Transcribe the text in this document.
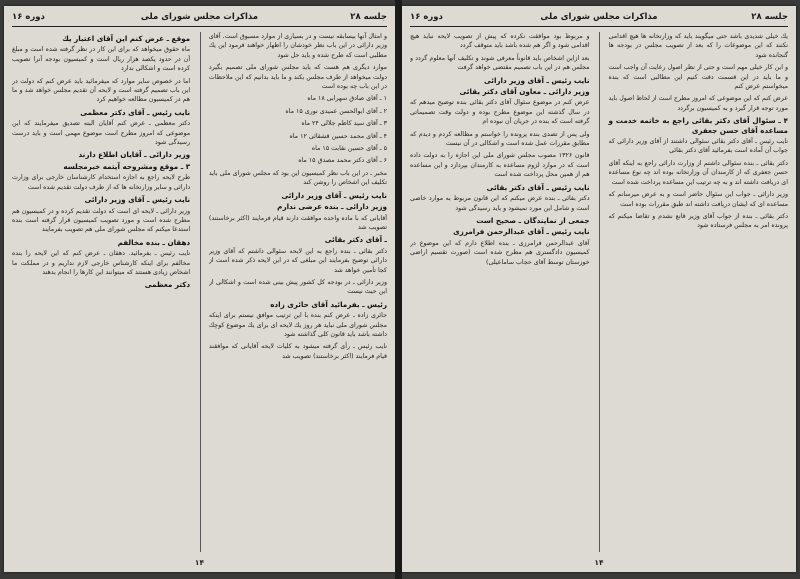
جلسه ۲۸
مذاكرات مجلس شوراى ملى
دوره ۱۶
و امثال آنها بيسابقه نيست و در بسيارى از موارد مسبوق است. آقاى وزير دارائى در اين باب نظر خودشان را اظهار خواهند فرمود اين يك مطلبى است كه طرح شده و بايد حل شود
موارد ديگرى هم هست كه بايد مجلس شوراى ملى تصميم بگيرد دولت ميخواهد از طرف مجلس بكند و ما بايد بدانيم كه اين ملاحظات در اين باب چه بوده است
۱ ـ آقاى صادق سهرابى ۱۸ ماه
۲ ـ آقاى ابوالحسن عميدى نورى ۱۵ ماه
۳ ـ آقاى سيد كاظم جلالى ۲۴ ماه
۴ ـ آقاى محمد حسين قشقائى ۱۲ ماه
۵ ـ آقاى حسين نقابت ۱۵ ماه
۶ ـ آقاى دكتر محمد مصدق ۱۵ ماه
مخبر ـ در اين باب نظر كميسيون اين بود كه مجلس شوراى ملى بايد تكليف اين اشخاص را روشن كند
نايب رئيس ـ آقاى وزير دارائى
وزير دارائى ـ بنده عرضى ندارم
آقايانى كه با ماده واحده موافقت دارند قيام فرمايند (اكثر برخاستند) تصويب شد
ـ آقاى دكتر بقائى
دكتر بقائى ـ بنده راجع به اين لايحه سئوالى داشتم كه آقاى وزير دارائى توضيح بفرمايند اين مبلغى كه در اين لايحه ذكر شده است از كجا تأمين خواهد شد
وزير دارائى ـ در بودجه كل كشور پيش بينى شده است و اشكالى از اين حيث نيست
رئيس ـ بفرمائيد آقاى حائرى زاده
حائرى زاده ـ عرض كنم بنده با اين ترتيب موافق نيستم براى اينكه مجلس شوراى ملى نبايد هر روز يك لايحه اى براى يك موضوع كوچك داشته باشد بايد قانون كلى گذاشته شود
نايب رئيس ـ رأى گرفته ميشود به كليات لايحه آقايانى كه موافقند قيام فرمايند (اكثر برخاستند) تصويب شد
موقع ـ عرض كنم اين آقاى اعتبار يك
ماه حقوق ميخواهد كه براى اين كار در نظر گرفته شده است و مبلغ آن در حدود يكصد هزار ريال است و كميسيون بودجه آنرا تصويب كرده است و اشكالى ندارد
اما در خصوص ساير موارد كه ميفرمائيد بايد عرض كنم كه دولت در اين باب تصميم گرفته است و لايحه آن تقديم مجلس خواهد شد و ما هم در كميسيون مطالعه خواهيم كرد
نايب رئيس ـ آقاى دكتر معظمى
دكتر معظمى ـ عرض كنم آقايان البته تصديق ميفرمايند كه اين موضوعى كه امروز مطرح است موضوع مهمى است و بايد درست رسيدگى شود
وزير دارائى ـ آقايان اطلاع دارند
۳ ـ موقع ومشروحه آيتمه خبرمجلسه
طرح لايحه راجع به اجازه استخدام كارشناسان خارجى براى وزارت دارائى و ساير وزارتخانه ها كه از طرف دولت تقديم شده است
نايب رئيس ـ آقاى وزير دارائى
وزير دارائى ـ لايحه اى است كه دولت تقديم كرده و در كميسيون هم مطرح شده است و مورد تصويب كميسيون قرار گرفته است بنده استدعا ميكنم كه مجلس شوراى ملى هم تصويب بفرمايند
دهقان ـ بنده مخالفم
نايب رئيس ـ بفرمائيد. دهقان ـ عرض كنم كه اين لايحه را بنده مخالفم براى اينكه كارشناس خارجى لازم نداريم و در مملكت ما اشخاص زيادى هستند كه ميتوانند اين كارها را انجام بدهند
دكتر معظمى
۱۴
جلسه ۲۸
مذاكرات مجلس شوراى ملى
دوره ۱۶
يك خيلى شديدى باشد حتى ميگويند بايد كه وزارتخانه ها هيچ اقدامى نكنند كه اين موضوعات را كه بعد از تصويب مجلس در بودجه ها گنجانده شود
و اين كار خيلى مهم است و حتى از نظر اصول رعايت آن واجب است و ما بايد در اين قسمت دقت كنيم اين مطالبى است كه بنده ميخواستم عرض كنم
عرض كنم كه اين موضوعى كه امروز مطرح است از لحاظ اصول بايد مورد توجه قرار گيرد و به كميسيون برگردد
۴ ـ سئوال آقاى دكتر بقائى راجع به خاتمه خدمت و مساعده آقاى حسن جعفرى
نايب رئيس ـ آقاى دكتر بقائى سئوالى داشتند از آقاى وزير دارائى كه جواب آن آماده است بفرمائيد آقاى دكتر بقائى
دكتر بقائى ـ بنده سئوالى داشتم از وزارت دارائى راجع به اينكه آقاى حسن جعفرى كه از كارمندان آن وزارتخانه بوده اند چه نوع مساعده اى دريافت داشته اند و به چه ترتيب اين مساعده پرداخت شده است
وزير دارائى ـ جواب اين سئوال حاضر است و به عرض ميرسانم كه مساعده اى كه ايشان دريافت داشته اند طبق مقررات بوده است
دكتر بقائى ـ بنده از جواب آقاى وزير قانع نشدم و تقاضا ميكنم كه پرونده امر به مجلس فرستاده شود
و مربوط بود موافقت نكرده كه پيش از تصويب لايحه نبايد هيچ اقدامى شود و اگر هم شده باشد بايد متوقف گردد
بعد ازاين اشخاص بايد قانوناً معرفى شوند و تكليف آنها معلوم گردد و مجلس هم در اين باب تصميم مقتضى خواهد گرفت
نايب رئيس ـ آقاى وزير دارائى
وزير دارائى ـ معاون آقاى دكتر بقائى
عرض كنم در موضوع سئوال آقاى دكتر بقائى بنده توضيح ميدهم كه در سال گذشته اين موضوع مطرح بوده و دولت وقت تصميماتى گرفته است كه بنده در جريان آن نبوده ام
ولى پس از تصدى بنده پرونده را خواستم و مطالعه كردم و ديدم كه مطابق مقررات عمل شده است و اشكالى در آن نيست
قانون ۱۳۲۶ مصوب مجلس شوراى ملى اين اجازه را به دولت داده است كه در موارد لزوم مساعده به كارمندان بپردازد و اين مساعده هم از همين محل پرداخت شده است
نايب رئيس ـ آقاى دكتر بقائى
دكتر بقائى ـ بنده عرض ميكنم كه اين قانون مربوط به موارد خاصى است و شامل اين مورد نميشود و بايد رسيدگى شود
جمعى از نمايندگان ـ صحيح است
نايب رئيس ـ آقاى عبدالرحمن فرامرزى
آقاى عبدالرحمن فرامرزى ـ بنده اطلاع دارم كه اين موضوع در كميسيون دادگسترى هم مطرح شده است (صورت تقسيم اراضى خوزستان توسط آقاى حجاب ساماعيلى)
۱۴
